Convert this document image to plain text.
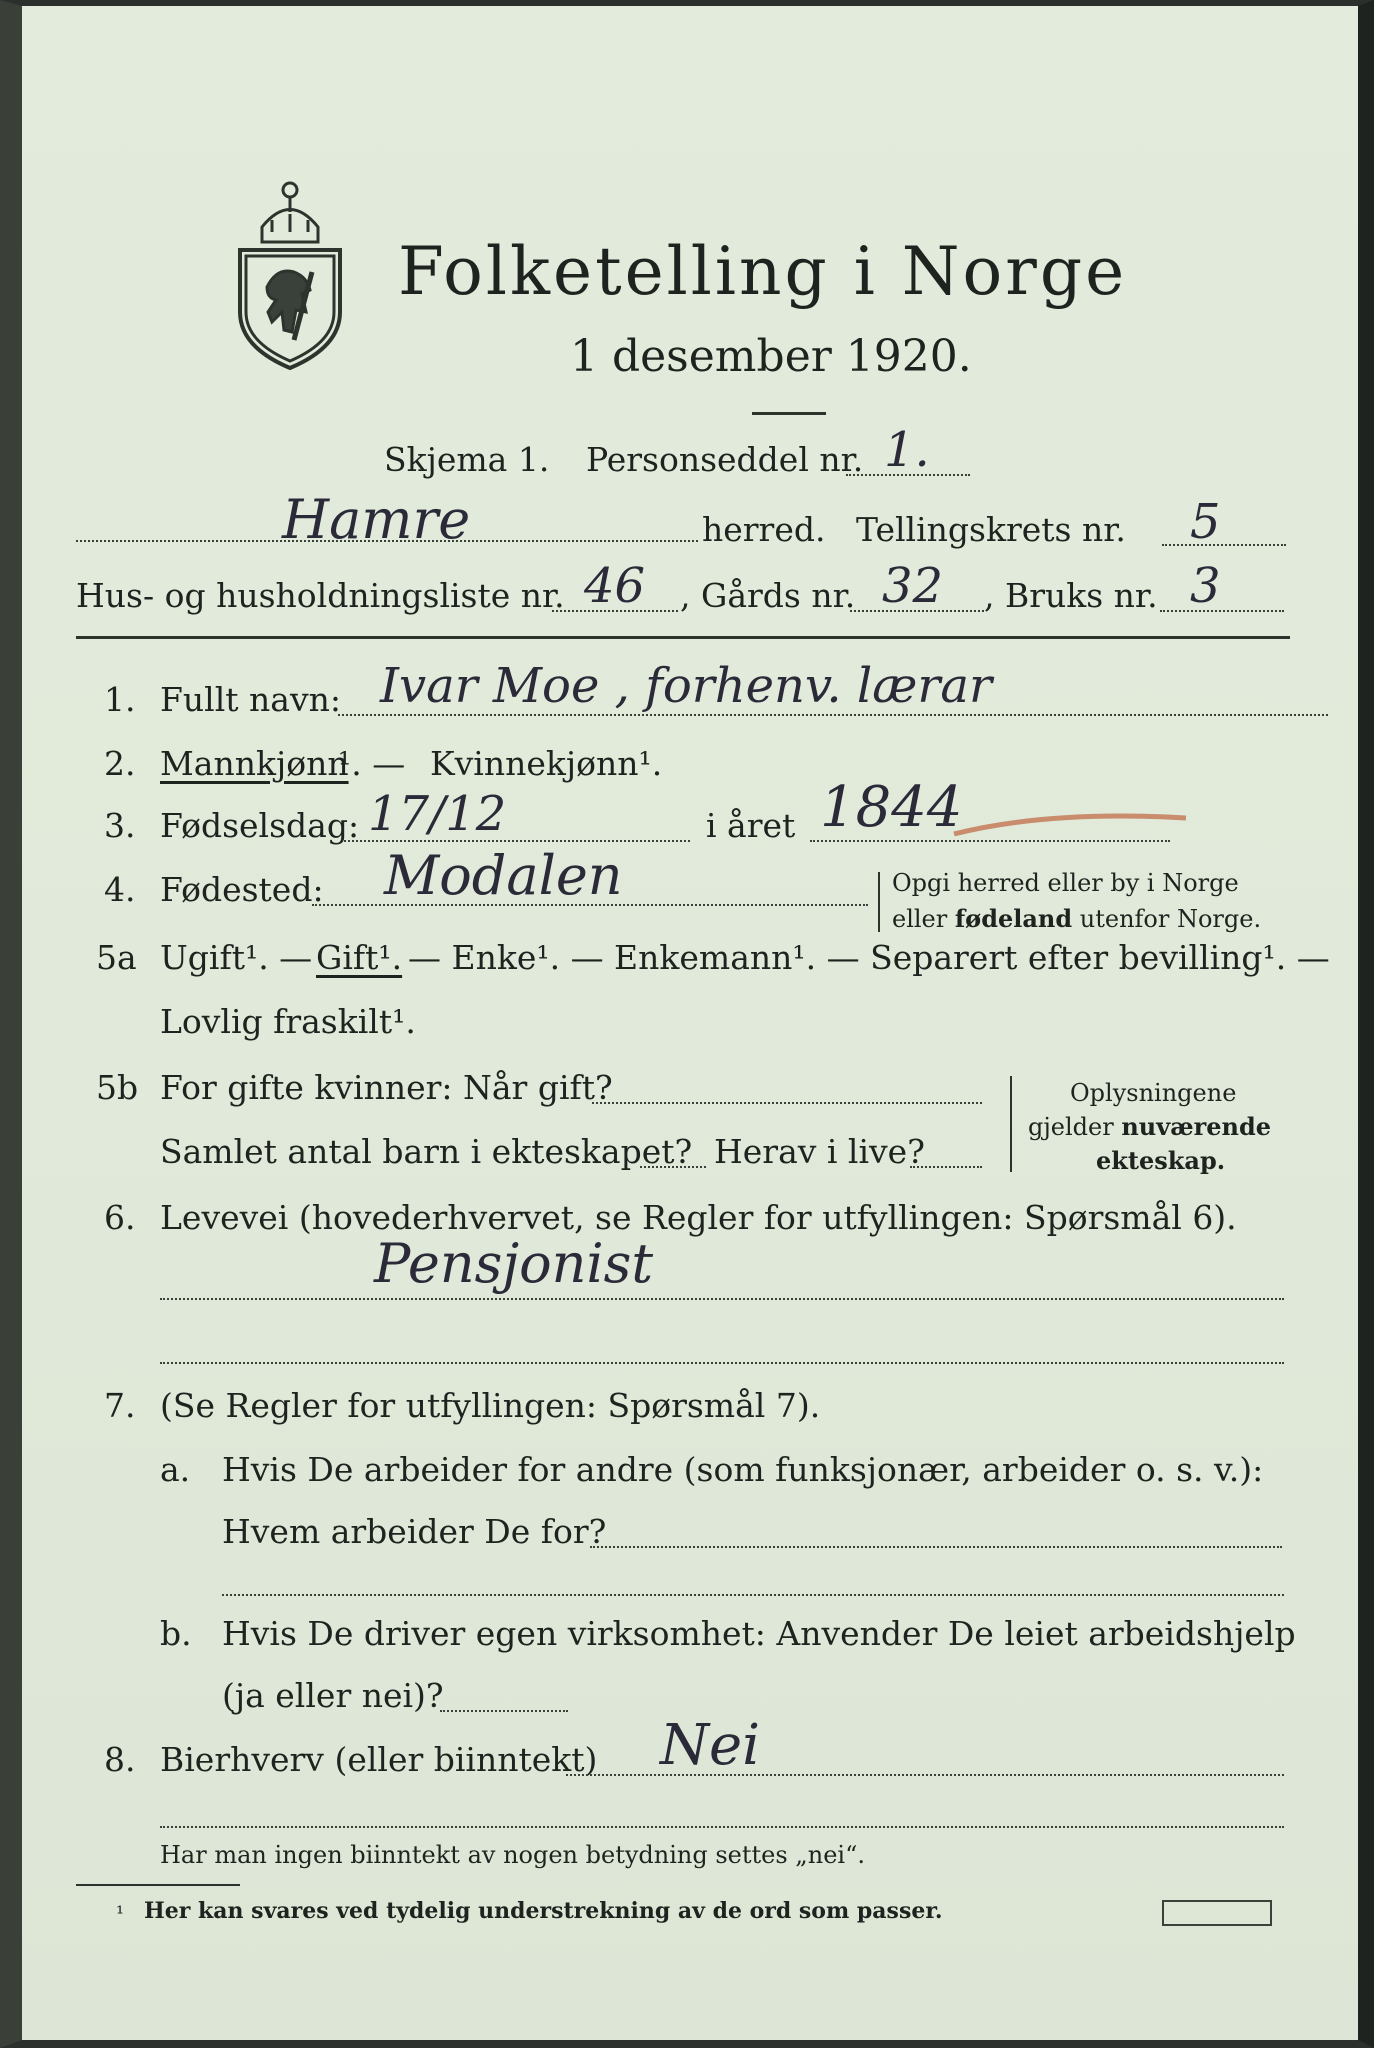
Folketelling i Norge
1 desember 1920.
Skjema 1. Personseddel nr. 1.
Hamre	herred. Tellingskrets nr. 5
Hus- og husholdningsliste nr. 46 , Gårds nr. 32 , Bruks nr. 3
1. Fullt navn: Ivar Moe , forhenv. lærar
2. Mannkjønn
¹. — Kvinnekjønn¹.
3. Fødselsdag: 17/12	i året 1844
4. Fødested: Modalen	Opgi herred eller by i Norge
eller fødeland utenfor Norge.
5a Ugift¹. — Gift¹. — Enke¹. — Enkemann¹. — Separert efter bevilling¹. —
Lovlig fraskilt¹.
5b For gifte kvinner: Når gift?
Samlet antal barn i ekteskapet? Herav i live?
Oplysningene
gjelder nuværende
ekteskap.
6. Levevei (hovederhvervet, se Regler for utfyllingen: Spørsmål 6).
Pensjonist
7. (Se Regler for utfyllingen: Spørsmål 7).
a. Hvis De arbeider for andre (som funksjonær, arbeider o. s. v.):
Hvem arbeider De for?
b. Hvis De driver egen virksomhet: Anvender De leiet arbeidshjelp
(ja eller nei)?
8. Bierhverv (eller biinntekt) Nei
Har man ingen biinntekt av nogen betydning settes „nei“.
¹ Her kan svares ved tydelig understrekning av de ord som passer.
